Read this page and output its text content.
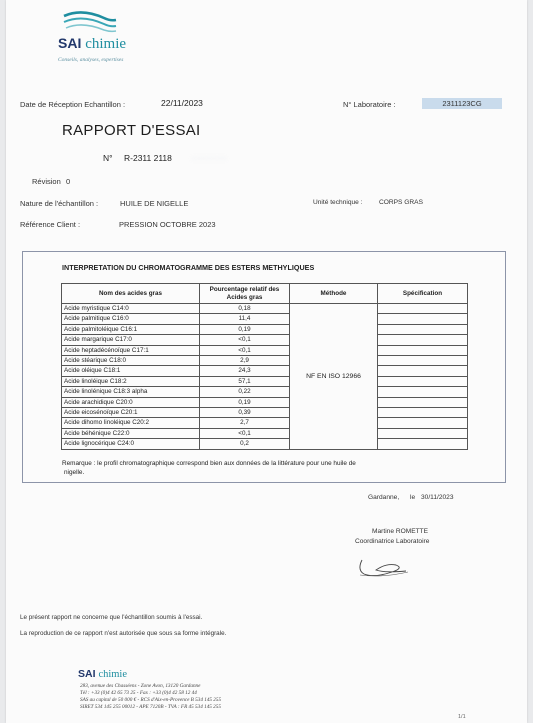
SAI chimie
Conseils, analyses, expertises
Date de Réception Echantillon :	22/11/2023	N° Laboratoire :	2311123CG
RAPPORT D'ESSAI
N° R-2311 2118 · · · · · · ·
Révision 0
Nature de l'échantillon :	HUILE DE NIGELLE	Unité technique :	CORPS GRAS
Référence Client :	PRESSION OCTOBRE 2023
INTERPRETATION DU CHROMATOGRAMME DES ESTERS METHYLIQUES
Nom des acides gras	Pourcentage relatif des Acides gras	Méthode	Spécification
Acide myristique C14:0	0,18	NF EN ISO 12966	
Acide palmitique C16:0	11,4		
Acide palmitoléique C16:1	0,19		
Acide margarique C17:0	<0,1		
Acide heptadécénoïque C17:1	<0,1		
Acide stéarique C18:0	2,9		
Acide oléique C18:1	24,3		
Acide linoléique C18:2	57,1		
Acide linolénique C18:3 alpha	0,22		
Acide arachidique C20:0	0,19		
Acide eicosénoïque C20:1	0,39		
Acide dihomo linoléique C20:2	2,7		
Acide béhénique C22:0	<0,1		
Acide lignocérique C24:0	0,2		
Remarque : le profil chromatographique correspond bien aux données de la littérature pour une huile de
nigelle.
Gardanne, le 30/11/2023
Martine ROMETTE
Coordinatrice Laboratoire
Le présent rapport ne concerne que l'échantillon soumis à l'essai.
La reproduction de ce rapport n'est autorisée que sous sa forme intégrale.
SAI chimie
283, avenue des Chasséens - Zone Avon, 13120 Gardanne
Tél : +33 (0)4 42 65 73 25 - Fax : +33 (0)4 42 58 12 44
SAS au capital de 50 000 € - RCS d'Aix-en-Provence B 534 145 255
SIRET 534 145 255 00012 - APE 7120B - TVA : FR 45 534 145 255
1/1
